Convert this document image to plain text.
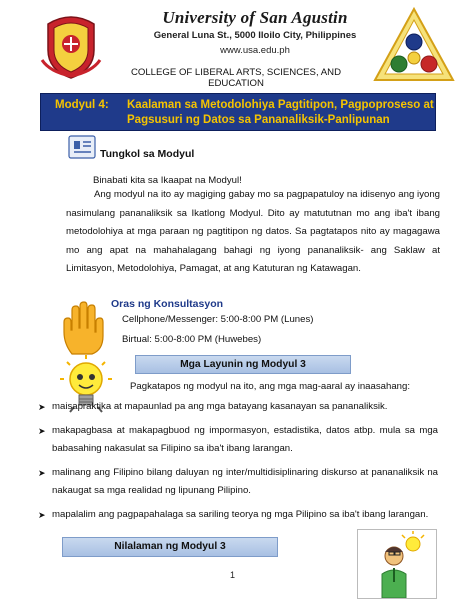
University of San Agustin
General Luna St., 5000 Iloilo City, Philippines
www.usa.edu.ph
COLLEGE OF LIBERAL ARTS, SCIENCES, AND EDUCATION
Modyul 4: Kaalaman sa Metodolohiya Pagtitipon, Pagpoproseso at
Pagsusuri ng Datos sa Pananaliksik-Panlipunan
Tungkol sa Modyul
Binabati kita sa Ikaapat na Modyul!
Ang modyul na ito ay magiging gabay mo sa pagpapatuloy na idisenyo ang iyong nasimulang pananaliksik sa Ikatlong Modyul. Dito ay matututnan mo ang iba't ibang metodolohiya at mga paraan ng pagtitipon ng datos. Sa pagtatapos nito ay magagawa mo ang apat na mahahalagang bahagi ng iyong pananaliksik- ang Saklaw at Limitasyon, Metodolohiya, Pamagat, at ang Katuturan ng Katawagan.
Oras ng Konsultasyon
Cellphone/Messenger: 5:00-8:00 PM (Lunes)
Birtual: 5:00-8:00 PM (Huwebes)
Mga Layunin ng Modyul 3
Pagkatapos ng modyul na ito, ang mga mag-aaral ay inaasahang:
➤ maisapraktika at mapaunlad pa ang mga batayang kasanayan sa pananaliksik.
➤ makapagbasa at makapagbuod ng impormasyon, estadistika, datos atbp. mula sa mga babasahing nakasulat sa Filipino sa iba't ibang larangan.
➤ malinang ang Filipino bilang daluyan ng inter/multidisiplinaring diskurso at pananaliksik na nakaugat sa mga realidad ng lipunang Pilipino.
➤ mapalalim ang pagpapahalaga sa sariling teorya ng mga Pilipino sa iba't ibang larangan.
Nilalaman ng Modyul 3
1
